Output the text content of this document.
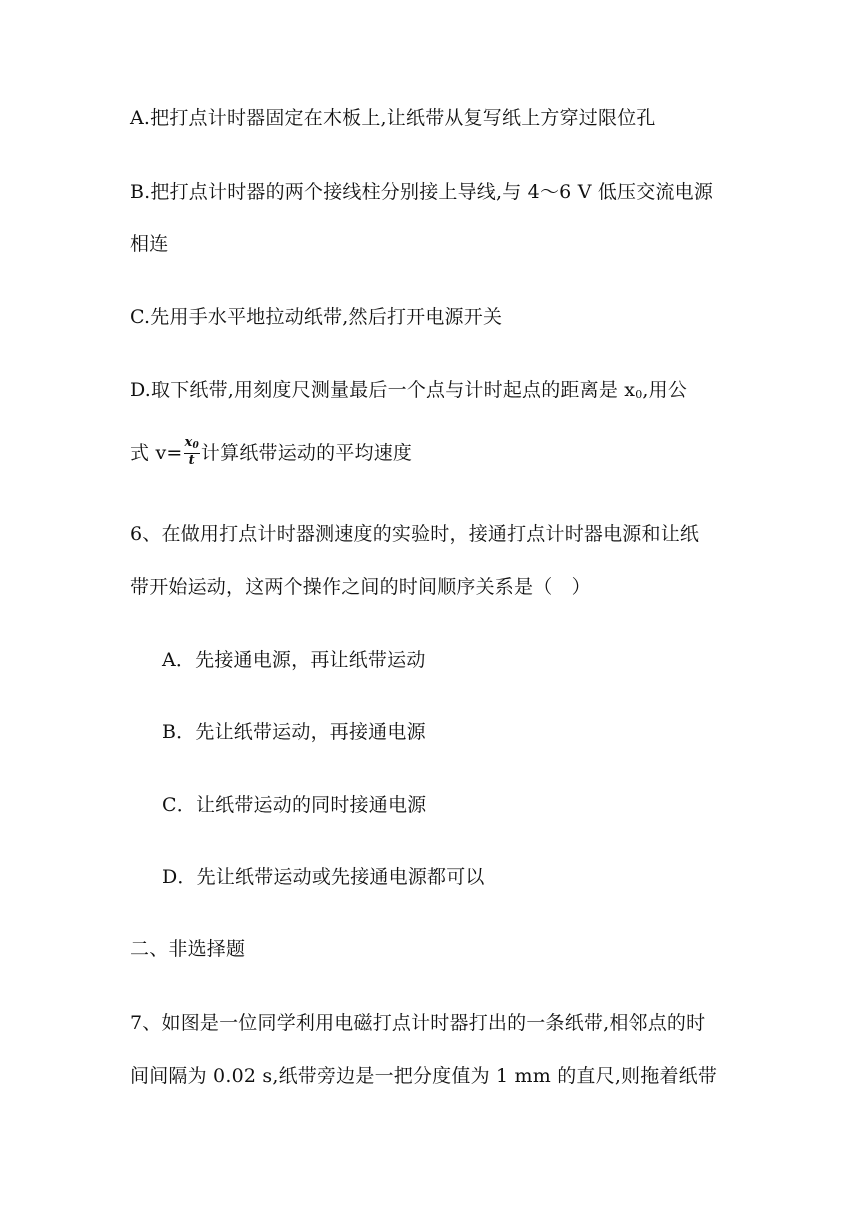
A.把打点计时器固定在木板上,让纸带从复写纸上方穿过限位孔
B.把打点计时器的两个接线柱分别接上导线,与 4～6 V 低压交流电源
相连
C.先用手水平地拉动纸带,然后打开电源开关
D.取下纸带,用刻度尺测量最后一个点与计时起点的距离是 $x_0$,用公
式 $v= \frac{x_0}{t}$ 计算纸带运动的平均速度
6、在做用打点计时器测速度的实验时，接通打点计时器电源和让纸
带开始运动，这两个操作之间的时间顺序关系是（　）
A．先接通电源，再让纸带运动
B．先让纸带运动，再接通电源
C．让纸带运动的同时接通电源
D．先让纸带运动或先接通电源都可以
二、非选择题
7、如图是一位同学利用电磁打点计时器打出的一条纸带,相邻点的时
间间隔为 0.02 s,纸带旁边是一把分度值为 1 mm 的直尺,则拖着纸带
